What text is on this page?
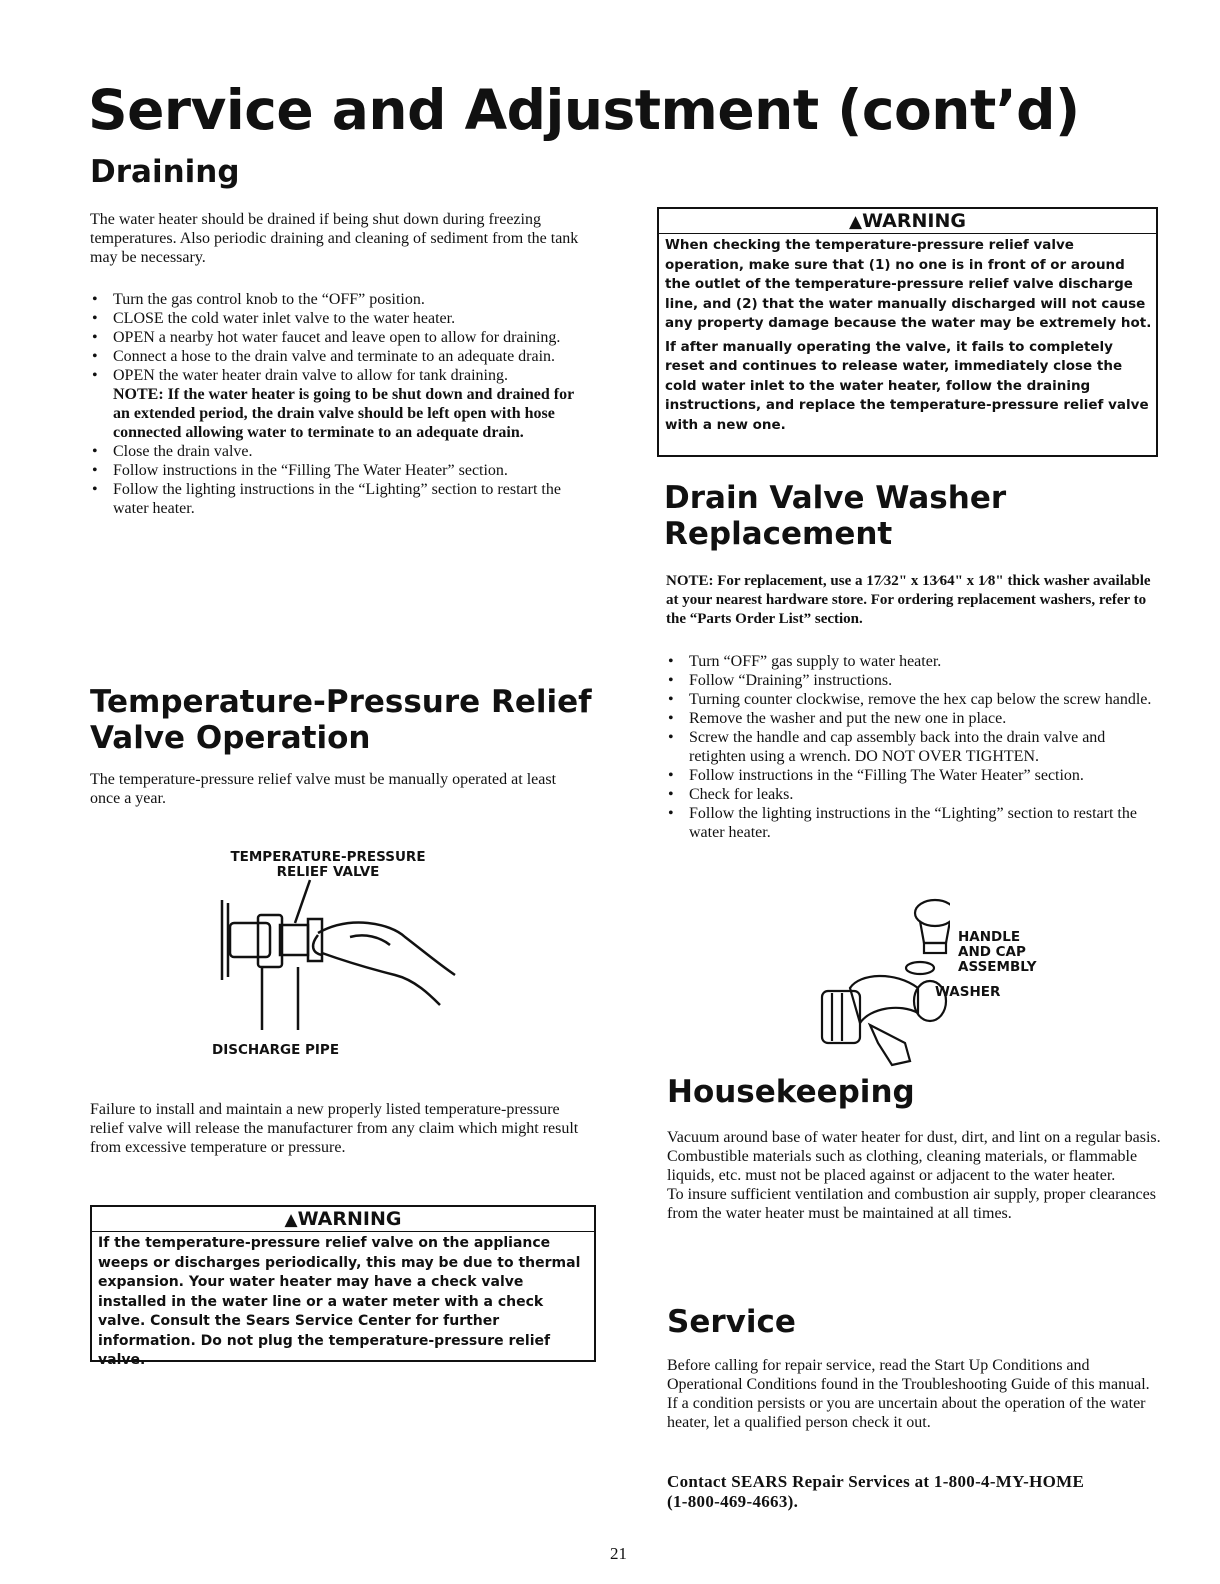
Service and Adjustment (cont’d)
Draining

The water heater should be drained if being shut down during freezing temperatures. Also periodic draining and cleaning of sediment from the tank may be necessary.

• Turn the gas control knob to the “OFF” position.
• CLOSE the cold water inlet valve to the water heater.
• OPEN a nearby hot water faucet and leave open to allow for draining.
• Connect a hose to the drain valve and terminate to an adequate drain.
• OPEN the water heater drain valve to allow for tank draining.
NOTE: If the water heater is going to be shut down and drained for an extended period, the drain valve should be left open with hose connected allowing water to terminate to an adequate drain.
• Close the drain valve.
• Follow instructions in the “Filling The Water Heater” section.
• Follow the lighting instructions in the “Lighting” section to restart the water heater.
Temperature-Pressure Relief
Valve Operation

The temperature-pressure relief valve must be manually operated at least once a year.

TEMPERATURE-PRESSURE
RELIEF VALVE
DISCHARGE PIPE

Failure to install and maintain a new properly listed temperature-pressure relief valve will release the manufacturer from any claim which might result from excessive temperature or pressure.

▲WARNING

If the temperature-pressure relief valve on the appliance weeps or discharges periodically, this may be due to thermal expansion. Your water heater may have a check valve installed in the water line or a water meter with a check valve. Consult the Sears Service Center for further information. Do not plug the temperature-pressure relief valve.

▲WARNING

When checking the temperature-pressure relief valve operation, make sure that (1) no one is in front of or around the outlet of the temperature-pressure relief valve discharge line, and (2) that the water manually discharged will not cause any property damage because the water may be extremely hot.

If after manually operating the valve, it fails to completely reset and continues to release water, immediately close the cold water inlet to the water heater, follow the draining instructions, and replace the temperature-pressure relief valve with a new one.

Drain Valve Washer
Replacement

NOTE: For replacement, use a 17⁄32" x 13⁄64" x 1⁄8" thick washer available at your nearest hardware store. For ordering replacement washers, refer to the “Parts Order List” section.

• Turn “OFF” gas supply to water heater.
• Follow “Draining” instructions.
• Turning counter clockwise, remove the hex cap below the screw handle.
• Remove the washer and put the new one in place.
• Screw the handle and cap assembly back into the drain valve and retighten using a wrench. DO NOT OVER TIGHTEN.
• Follow instructions in the “Filling The Water Heater” section.
• Check for leaks.
• Follow the lighting instructions in the “Lighting” section to restart the water heater.
HANDLE
AND CAP
ASSEMBLY
WASHER
Housekeeping
Vacuum around base of water heater for dust, dirt, and lint on a regular basis.
Combustible materials such as clothing, cleaning materials, or flammable liquids, etc. must not be placed against or adjacent to the water heater.
To insure sufficient ventilation and combustion air supply, proper clearances from the water heater must be maintained at all times.
Service
Before calling for repair service, read the Start Up Conditions and Operational Conditions found in the Troubleshooting Guide of this manual.
If a condition persists or you are uncertain about the operation of the water heater, let a qualified person check it out.
Contact SEARS Repair Services at 1-800-4-MY-HOME
(1-800-469-4663).
21
